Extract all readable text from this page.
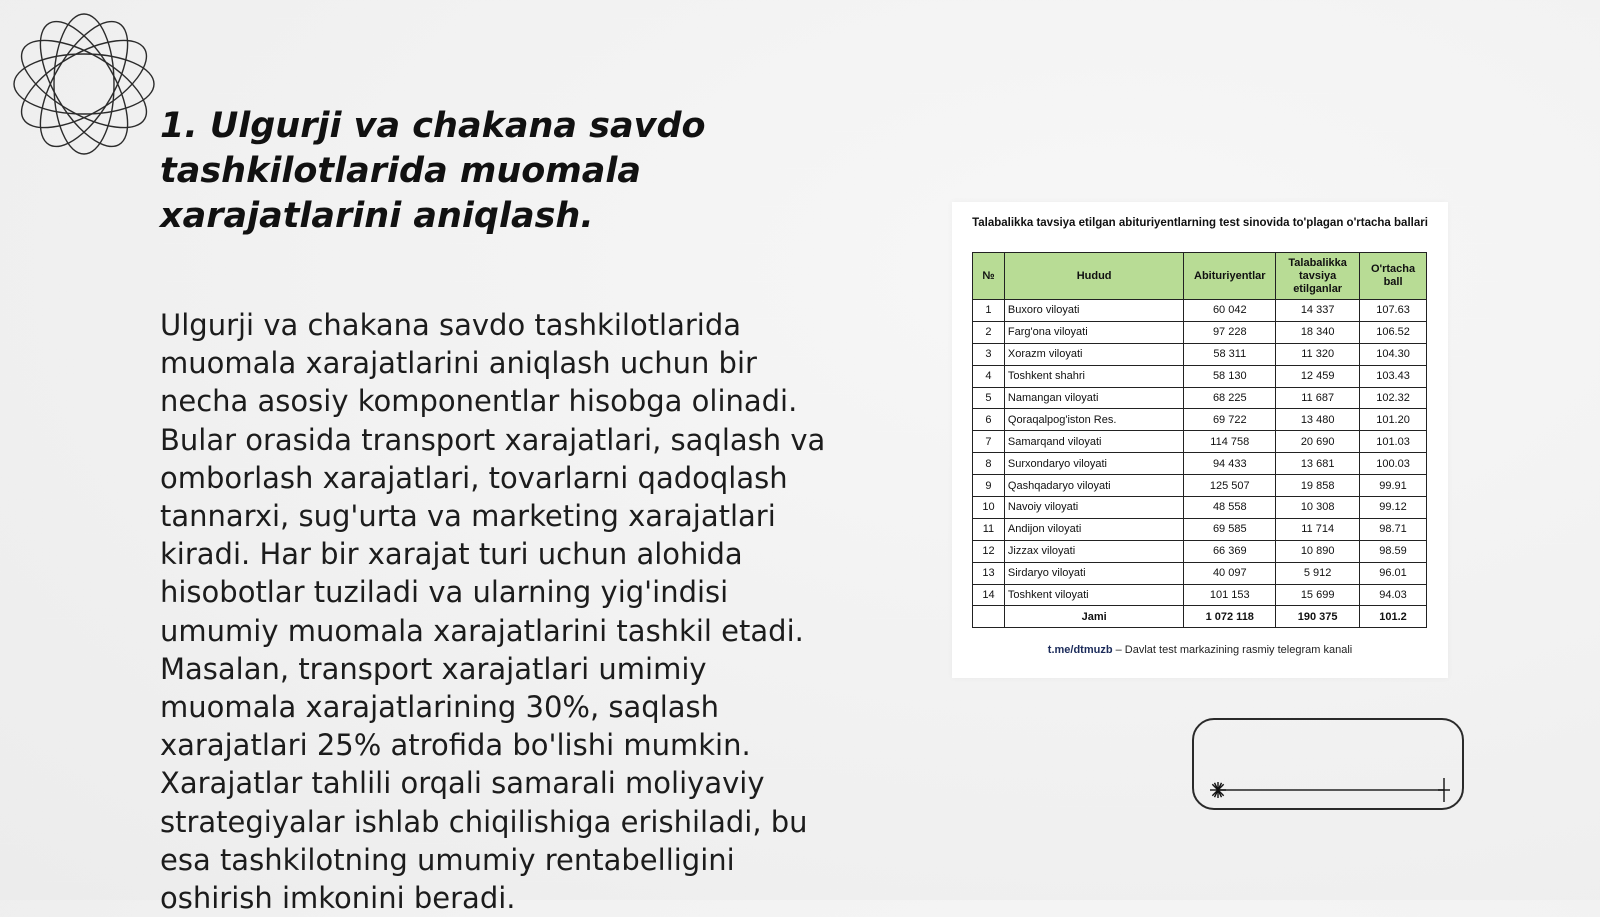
1. Ulgurji va chakana savdo tashkilotlarida muomala xarajatlarini aniqlash.

Ulgurji va chakana savdo tashkilotlarida muomala xarajatlarini aniqlash uchun bir necha asosiy komponentlar hisobga olinadi. Bular orasida transport xarajatlari, saqlash va omborlash xarajatlari, tovarlarni qadoqlash tannarxi, sug'urta va marketing xarajatlari kiradi. Har bir xarajat turi uchun alohida hisobotlar tuziladi va ularning yig'indisi umumiy muomala xarajatlarini tashkil etadi. Masalan, transport xarajatlari umimiy muomala xarajatlarining 30%, saqlash xarajatlari 25% atrofida bo'lishi mumkin. Xarajatlar tahlili orqali samarali moliyaviy strategiyalar ishlab chiqilishiga erishiladi, bu esa tashkilotning umumiy rentabelligini oshirish imkonini beradi.

Talabalikka tavsiya etilgan abituriyentlarning test sinovida to'plagan o'rtacha ballari
№	Hudud	Abituriyentlar	Talabalikka tavsiya etilganlar	O'rtacha ball
1	Buxoro viloyati	60 042	14 337	107.63
2	Farg'ona viloyati	97 228	18 340	106.52
3	Xorazm viloyati	58 311	11 320	104.30
4	Toshkent shahri	58 130	12 459	103.43
5	Namangan viloyati	68 225	11 687	102.32
6	Qoraqalpog'iston Res.	69 722	13 480	101.20
7	Samarqand viloyati	114 758	20 690	101.03
8	Surxondaryo viloyati	94 433	13 681	100.03
9	Qashqadaryo viloyati	125 507	19 858	99.91
10	Navoiy viloyati	48 558	10 308	99.12
11	Andijon viloyati	69 585	11 714	98.71
12	Jizzax viloyati	66 369	10 890	98.59
13	Sirdaryo viloyati	40 097	5 912	96.01
14	Toshkent viloyati	101 153	15 699	94.03
	Jami	1 072 118	190 375	101.2
t.me/dtmuzb – Davlat test markazining rasmiy telegram kanali
